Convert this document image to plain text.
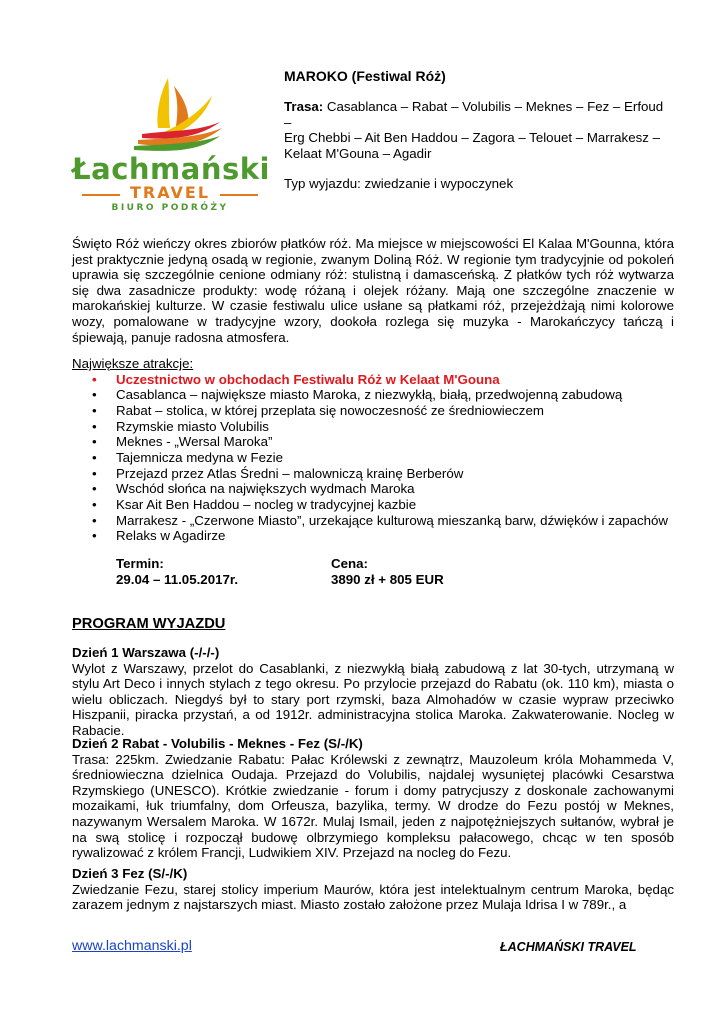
Łachmański
TRAVEL
BIURO PODRÓŻY
MAROKO (Festiwal Róż)
Trasa: Casablanca – Rabat – Volubilis – Meknes – Fez – Erfoud –
Erg Chebbi – Ait Ben Haddou – Zagora – Telouet – Marrakesz –
Kelaat M'Gouna – Agadir
Typ wyjazdu: zwiedzanie i wypoczynek
Święto Róż wieńczy okres zbiorów płatków róż. Ma miejsce w miejscowości El Kalaa M'Gounna, która jest praktycznie jedyną osadą w regionie, zwanym Doliną Róż. W regionie tym tradycyjnie od pokoleń uprawia się szczególnie cenione odmiany róż: stulistną i damasceńską. Z płatków tych róż wytwarza się dwa zasadnicze produkty: wodę różaną i olejek różany. Mają one szczególne znaczenie w marokańskiej kulturze. W czasie festiwalu ulice usłane są płatkami róż, przejeżdżają nimi kolorowe wozy, pomalowane w tradycyjne wzory, dookoła rozlega się muzyka - Marokańczycy tańczą i śpiewają, panuje radosna atmosfera.
Największe atrakcje:
• Uczestnictwo w obchodach Festiwalu Róż w Kelaat M'Gouna
• Casablanca – największe miasto Maroka, z niezwykłą, białą, przedwojenną zabudową
• Rabat – stolica, w której przeplata się nowoczesność ze średniowieczem
• Rzymskie miasto Volubilis
• Meknes - „Wersal Maroka”
• Tajemnicza medyna w Fezie
• Przejazd przez Atlas Średni – malowniczą krainę Berberów
• Wschód słońca na największych wydmach Maroka
• Ksar Ait Ben Haddou – nocleg w tradycyjnej kazbie
• Marrakesz - „Czerwone Miasto”, urzekające kulturową mieszanką barw, dźwięków i zapachów
• Relaks w Agadirze
Termin:
29.04 – 11.05.2017r.
Cena:
3890 zł + 805 EUR
PROGRAM WYJAZDU
Dzień 1 Warszawa (-/-/-)
Wylot z Warszawy, przelot do Casablanki, z niezwykłą białą zabudową z lat 30-tych, utrzymaną w stylu Art Deco i innych stylach z tego okresu. Po przylocie przejazd do Rabatu (ok. 110 km), miasta o wielu obliczach. Niegdyś był to stary port rzymski, baza Almohadów w czasie wypraw przeciwko Hiszpanii, piracka przystań, a od 1912r. administracyjna stolica Maroka. Zakwaterowanie. Nocleg w Rabacie.
Dzień 2 Rabat - Volubilis - Meknes - Fez (S/-/K)
Trasa: 225km. Zwiedzanie Rabatu: Pałac Królewski z zewnątrz, Mauzoleum króla Mohammeda V, średniowieczna dzielnica Oudaja. Przejazd do Volubilis, najdalej wysuniętej placówki Cesarstwa Rzymskiego (UNESCO). Krótkie zwiedzanie - forum i domy patrycjuszy z doskonale zachowanymi mozaikami, łuk triumfalny, dom Orfeusza, bazylika, termy. W drodze do Fezu postój w Meknes, nazywanym Wersalem Maroka. W 1672r. Mulaj Ismail, jeden z najpotężniejszych sułtanów, wybrał je na swą stolicę i rozpoczął budowę olbrzymiego kompleksu pałacowego, chcąc w ten sposób rywalizować z królem Francji, Ludwikiem XIV. Przejazd na nocleg do Fezu.
Dzień 3 Fez (S/-/K)
Zwiedzanie Fezu, starej stolicy imperium Maurów, która jest intelektualnym centrum Maroka, będąc zarazem jednym z najstarszych miast. Miasto zostało założone przez Mulaja Idrisa I w 789r., a
www.lachmanski.pl	ŁACHMAŃSKI TRAVEL
